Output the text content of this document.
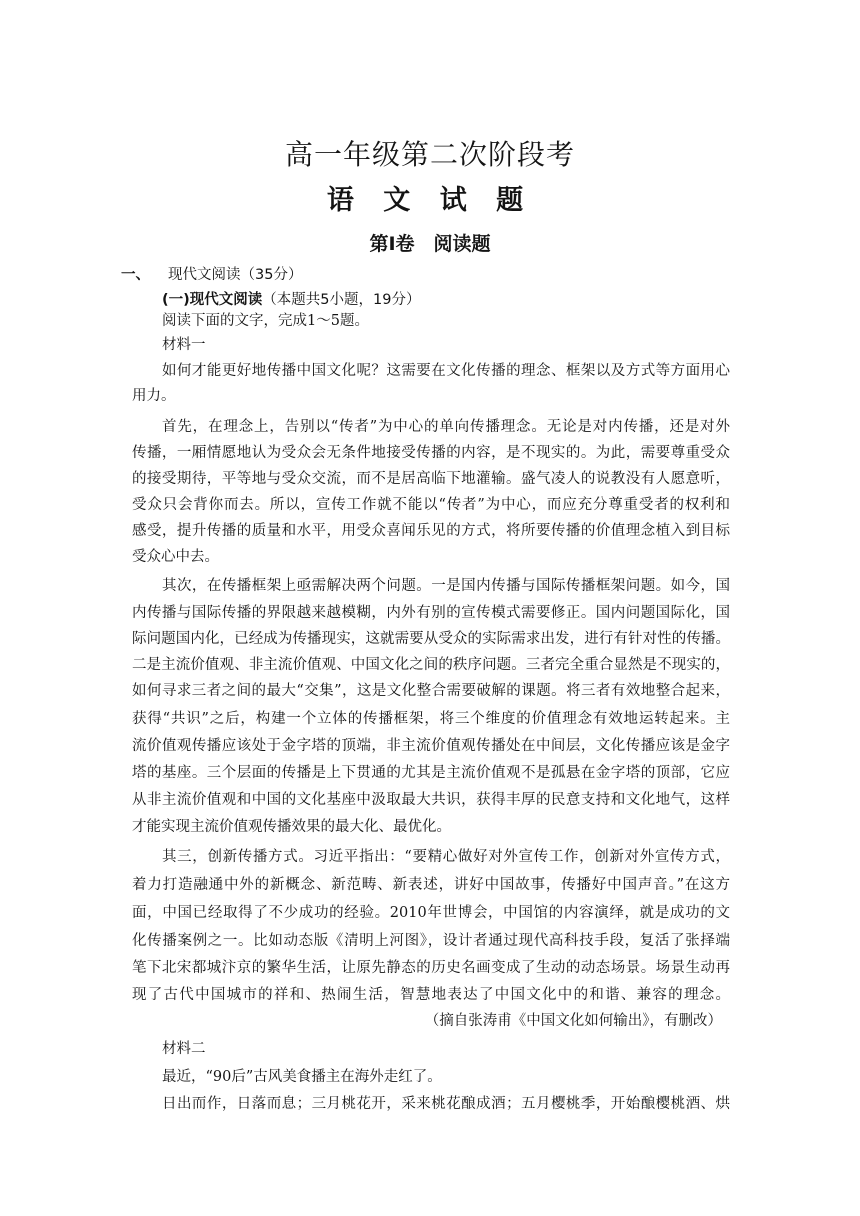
高一年级第二次阶段考
语 文 试 题
第Ⅰ卷　阅读题
一、 现代文阅读（35分）
(一)现代文阅读（本题共5小题，19分）
阅读下面的文字，完成1～5题。
材料一
如何才能更好地传播中国文化呢？这需要在文化传播的理念、框架以及方式等方面用心
用力。
首先，在理念上，告别以“传者”为中心的单向传播理念。无论是对内传播，还是对外
传播，一厢情愿地认为受众会无条件地接受传播的内容，是不现实的。为此，需要尊重受众
的接受期待，平等地与受众交流，而不是居高临下地灌输。盛气凌人的说教没有人愿意听，
受众只会背你而去。所以，宣传工作就不能以“传者”为中心，而应充分尊重受者的权利和
感受，提升传播的质量和水平，用受众喜闻乐见的方式，将所要传播的价值理念植入到目标
受众心中去。
其次，在传播框架上亟需解决两个问题。一是国内传播与国际传播框架问题。如今，国
内传播与国际传播的界限越来越模糊，内外有别的宣传模式需要修正。国内问题国际化，国
际问题国内化，已经成为传播现实，这就需要从受众的实际需求出发，进行有针对性的传播。
二是主流价值观、非主流价值观、中国文化之间的秩序问题。三者完全重合显然是不现实的，
如何寻求三者之间的最大“交集”，这是文化整合需要破解的课题。将三者有效地整合起来，
获得“共识”之后，构建一个立体的传播框架，将三个维度的价值理念有效地运转起来。主
流价值观传播应该处于金字塔的顶端，非主流价值观传播处在中间层，文化传播应该是金字
塔的基座。三个层面的传播是上下贯通的尤其是主流价值观不是孤悬在金字塔的顶部，它应
从非主流价值观和中国的文化基座中汲取最大共识，获得丰厚的民意支持和文化地气，这样
才能实现主流价值观传播效果的最大化、最优化。
其三，创新传播方式。习近平指出：“要精心做好对外宣传工作，创新对外宣传方式，
着力打造融通中外的新概念、新范畴、新表述，讲好中国故事，传播好中国声音。”在这方
面，中国已经取得了不少成功的经验。2010年世博会，中国馆的内容演绎，就是成功的文
化传播案例之一。比如动态版《清明上河图》，设计者通过现代高科技手段，复活了张择端
笔下北宋都城汴京的繁华生活，让原先静态的历史名画变成了生动的动态场景。场景生动再
现了古代中国城市的祥和、热闹生活，智慧地表达了中国文化中的和谐、兼容的理念。
（摘自张涛甫《中国文化如何输出》，有删改）
材料二
最近，“90后”古风美食播主在海外走红了。
日出而作，日落而息；三月桃花开，采来桃花酿成酒；五月樱桃季，开始酿樱桃酒、烘
